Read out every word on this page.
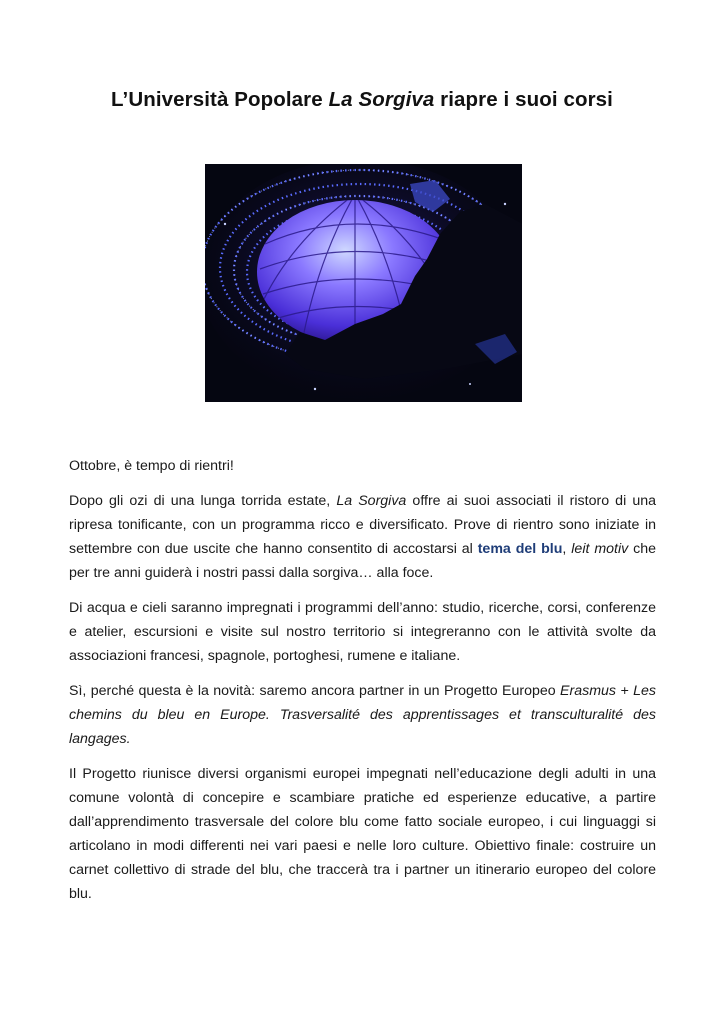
L’Università Popolare La Sorgiva riapre i suoi corsi

Ottobre, è tempo di rientri!

Dopo gli ozi di una lunga torrida estate, La Sorgiva offre ai suoi associati il ristoro di una ripresa tonificante, con un programma ricco e diversificato. Prove di rientro sono iniziate in settembre con due uscite che hanno consentito di accostarsi al tema del blu, leit motiv che per tre anni guiderà i nostri passi dalla sorgiva… alla foce.

Di acqua e cieli saranno impregnati i programmi dell’anno: studio, ricerche, corsi, conferenze e atelier, escursioni e visite sul nostro territorio si integreranno con le attività svolte da associazioni francesi, spagnole, portoghesi, rumene e italiane.

Sì, perché questa è la novità: saremo ancora partner in un Progetto Europeo Erasmus + Les chemins du bleu en Europe. Trasversalité des apprentissages et transculturalité des langages.

Il Progetto riunisce diversi organismi europei impegnati nell’educazione degli adulti in una comune volontà di concepire e scambiare pratiche ed esperienze educative, a partire dall’apprendimento trasversale del colore blu come fatto sociale europeo, i cui linguaggi si articolano in modi differenti nei vari paesi e nelle loro culture. Obiettivo finale: costruire un carnet collettivo di strade del blu, che traccerà tra i partner un itinerario europeo del colore blu.
